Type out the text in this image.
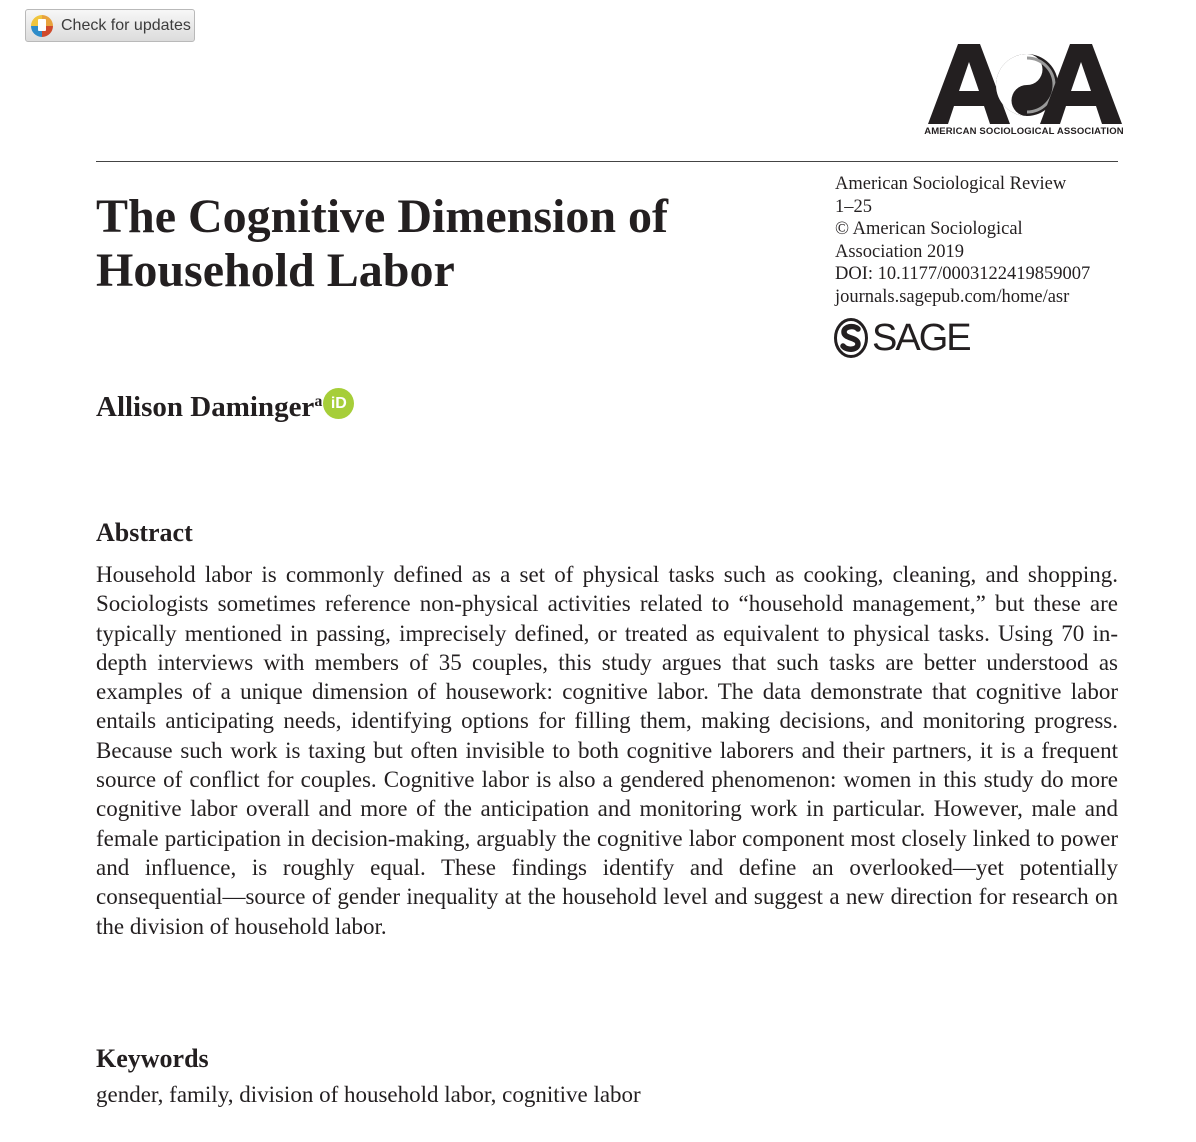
Check for updates
AMERICAN SOCIOLOGICAL ASSOCIATION
The Cognitive Dimension of Household Labor
American Sociological Review
1–25
© American Sociological
Association 2019
DOI: 10.1177/0003122419859007
journals.sagepub.com/home/asr
SAGE
Allison Daminger$^a$ iD
Abstract

Household labor is commonly defined as a set of physical tasks such as cooking, cleaning, and shopping. Sociologists sometimes reference non-physical activities related to “household management,” but these are typically mentioned in passing, imprecisely defined, or treated as equivalent to physical tasks. Using 70 in-depth interviews with members of 35 couples, this study argues that such tasks are better understood as examples of a unique dimension of housework: cognitive labor. The data demonstrate that cognitive labor entails anticipating needs, identifying options for filling them, making decisions, and monitoring progress. Because such work is taxing but often invisible to both cognitive laborers and their partners, it is a frequent source of conflict for couples. Cognitive labor is also a gendered phenomenon: women in this study do more cognitive labor overall and more of the anticipation and monitoring work in particular. However, male and female participation in decision-making, arguably the cognitive labor component most closely linked to power and influence, is roughly equal. These findings identify and define an overlooked—yet potentially consequential—source of gender inequality at the household level and suggest a new direction for research on the division of household labor.

Keywords

gender, family, division of household labor, cognitive labor
